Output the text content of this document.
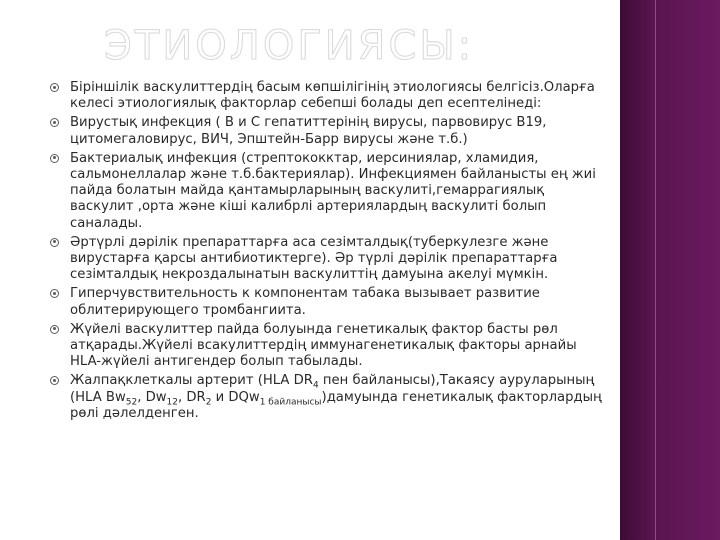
ЭТИОЛОГИЯСЫ:
Біріншілік васкулиттердің басым көпшілігінің этиологиясы белгісіз.Оларға келесі этиологиялық факторлар себепші болады деп есептелінеді:
Вирустық инфекция ( В и С гепатиттерінің вирусы, парвовирус В19, цитомегаловирус, ВИЧ, Эпштейн-Барр вирусы және т.б.)
Бактериалық инфекция (стрептококктар, иерсиниялар, хламидия, сальмонеллалар және т.б.бактериялар). Инфекциямен байланысты ең жиі пайда болатын майда қантамырларының васкулиті,гемаррагиялық васкулит ,орта және кіші калибрлі артериялардың васкулиті болып саналады.
Әртүрлі дәрілік препараттарға аса сезімталдық(туберкулезге және вирустарға қарсы антибиотиктерге). Әр түрлі дәрілік препараттарға сезімталдық некроздалынатын васкулиттің дамуына акелуі мүмкін.
Гиперчувствительность к компонентам табака вызывает развитие облитерирующего тромбангиита.
Жүйелі васкулиттер пайда болуында генетикалық фактор басты рөл атқарады.Жүйелі всакулиттердің иммунагенетикалық факторы арнайы HLA-жүйелі антигендер болып табылады.
Жалпақклеткалы артерит (HLA $DR_4$ пен байланысы),Такаясу ауруларының (HLA $Bw_{52}$, $Dw_{12}$, $DR_2$ и DQw$_{1 байланысы}$)дамуында генетикалық факторлардың рөлі дәлелденген.
